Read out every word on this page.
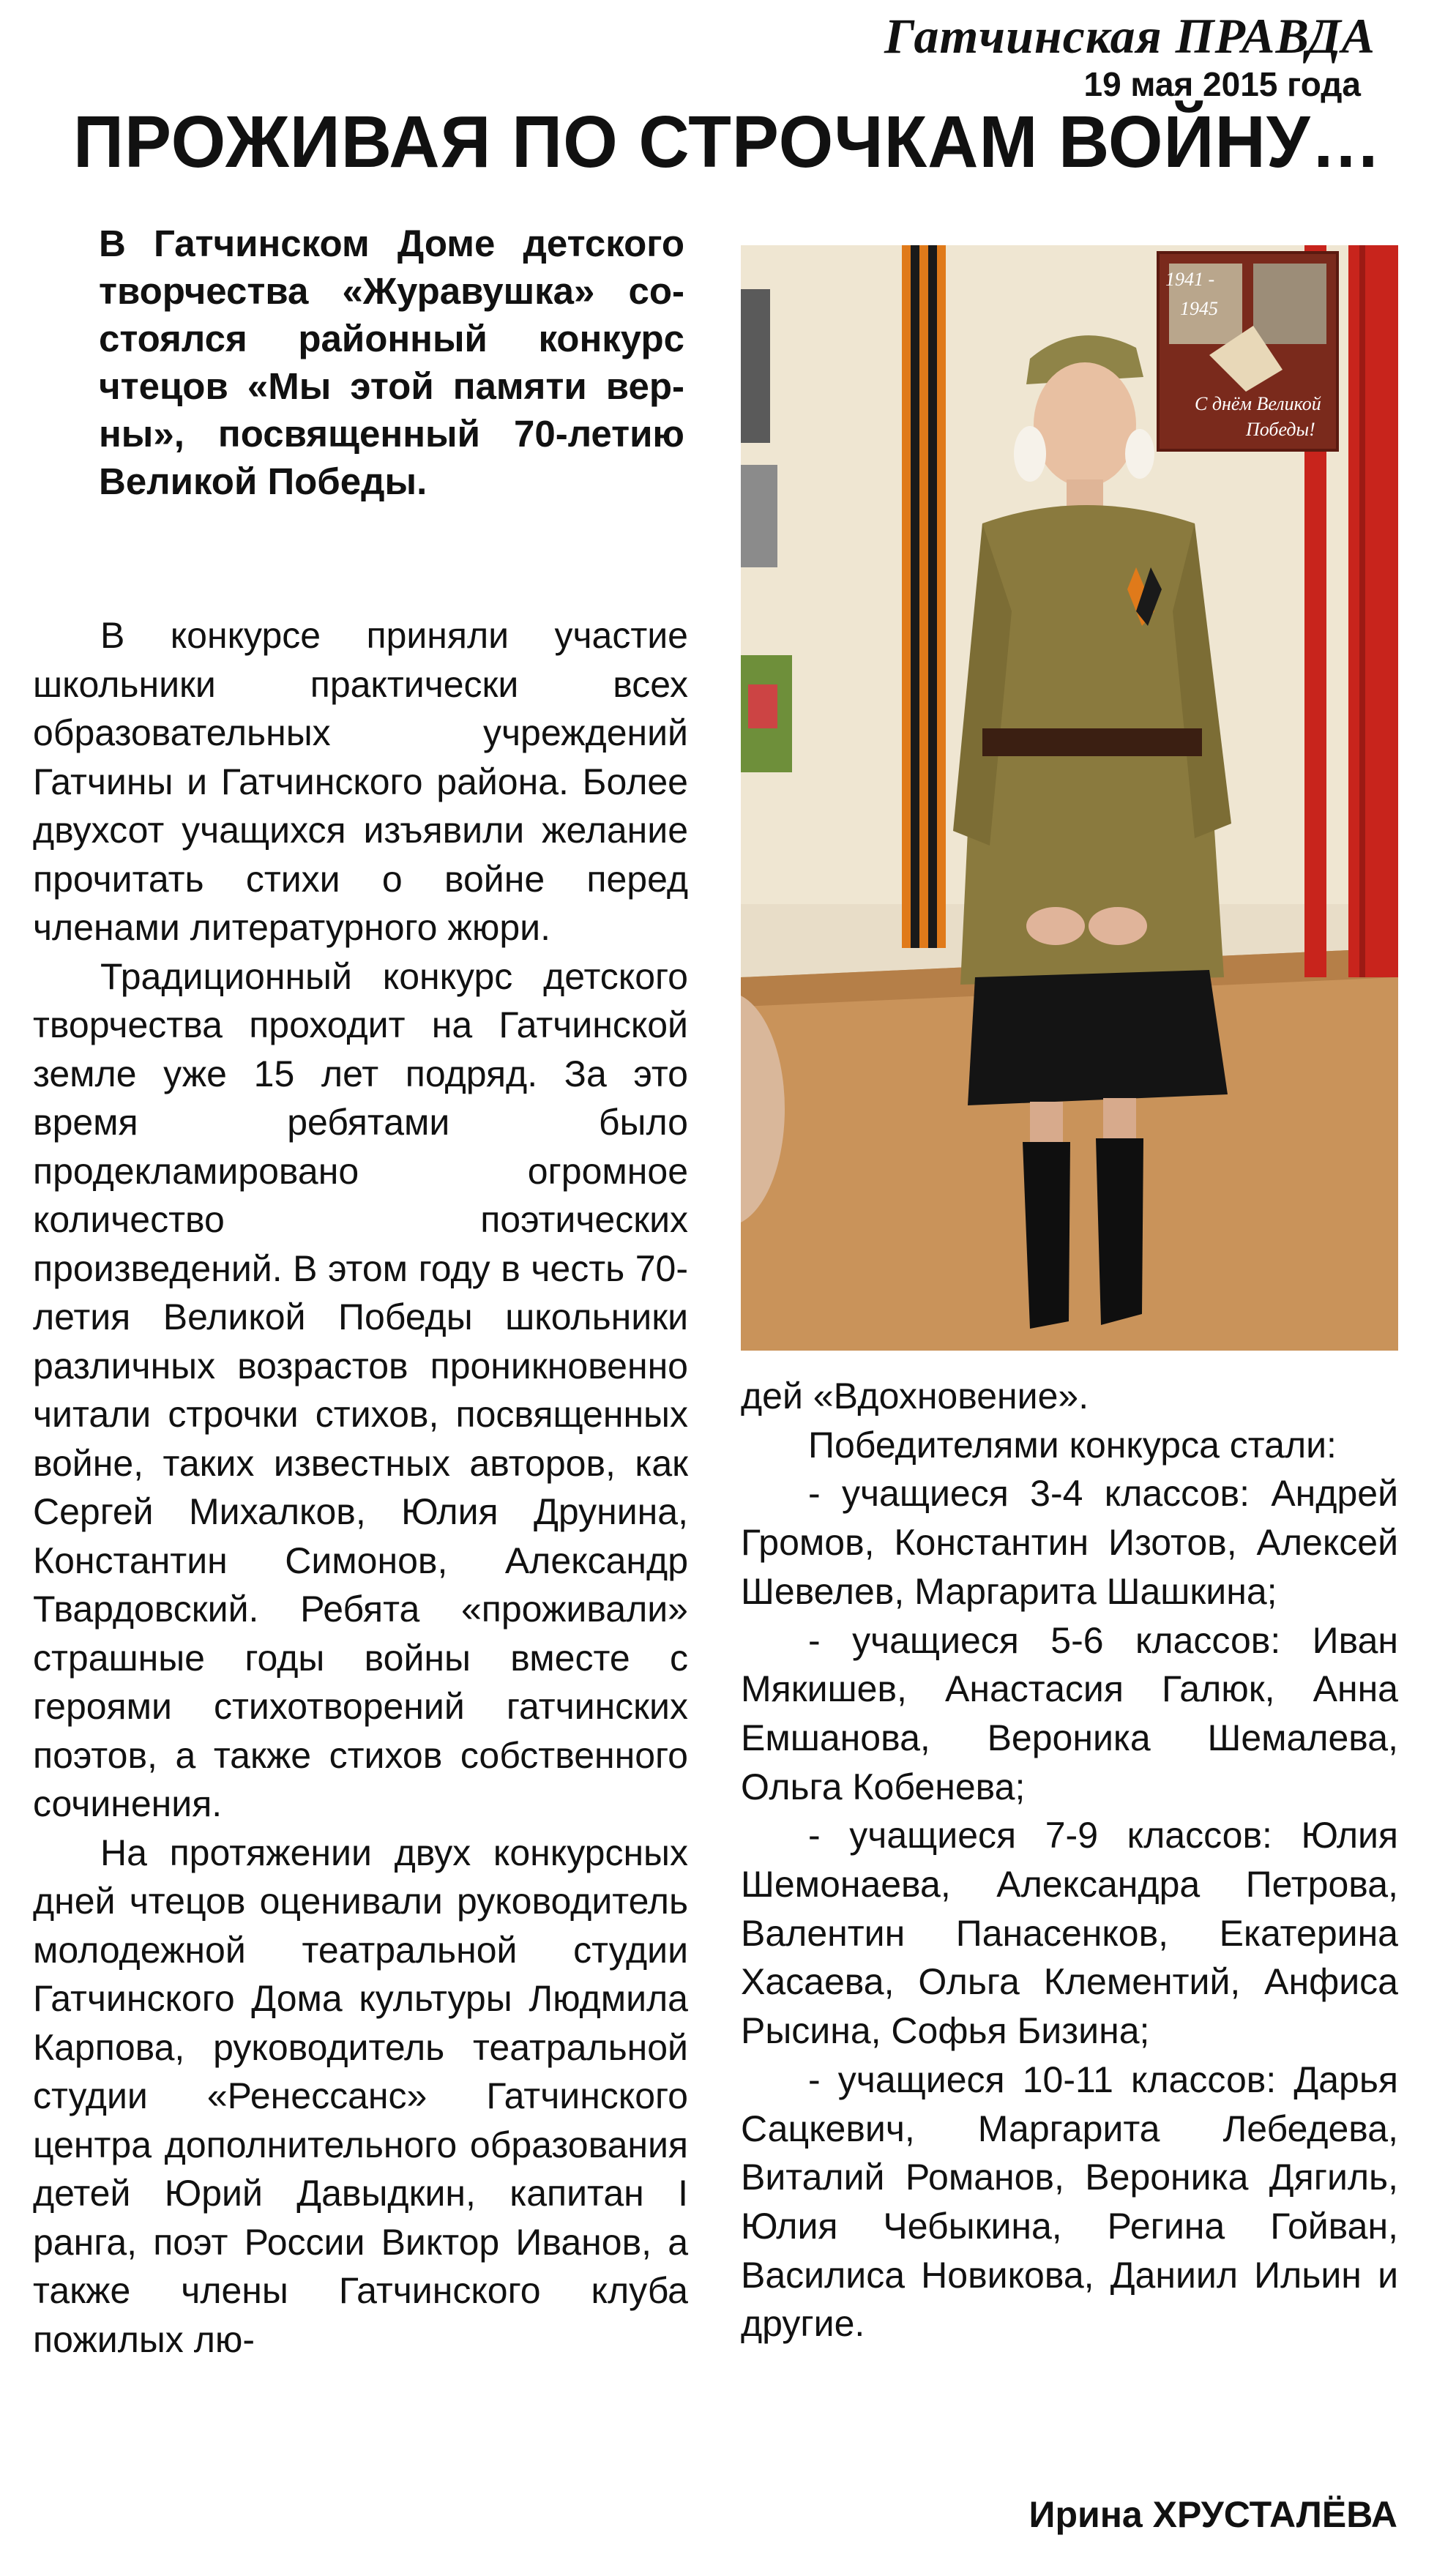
Гатчинская ПРАВДА
19 мая 2015 года
ПРОЖИВАЯ ПО СТРОЧКАМ ВОЙНУ…
В Гатчинском Доме детского творчества «Журавушка» состоялся районный конкурс чтецов «Мы этой памяти верны», посвященный 70-летию Великой Победы.

В конкурсе приняли участие школьники практически всех образовательных учреждений Гатчины и Гатчинского района. Более двухсот учащихся изъявили желание прочитать стихи о войне перед членами литературного жюри.

Традиционный конкурс детского творчества проходит на Гатчинской земле уже 15 лет подряд. За это время ребятами было продекламировано огромное количество поэтических произведений. В этом году в честь 70-летия Великой Победы школьники различных возрастов проникновенно читали строчки стихов, посвященных войне, таких известных авторов, как Сергей Михалков, Юлия Друнина, Константин Симонов, Александр Твардовский. Ребята «проживали» страшные годы войны вместе с героями стихотворений гатчинских поэтов, а также стихов собственного сочинения.

На протяжении двух конкурсных дней чтецов оценивали руководитель молодежной театральной студии Гатчинского Дома культуры Людмила Карпова, руководитель театральной студии «Ренессанс» Гатчинского центра дополнительного образования детей Юрий Давыдкин, капитан I ранга, поэт России Виктор Иванов, а также члены Гатчинского клуба пожилых лю-

1941 -
1945
С днём Великой
Победы!

дей «Вдохновение».

Победителями конкурса стали:

- учащиеся 3-4 классов: Андрей Громов, Константин Изотов, Алексей Шевелев, Маргарита Шашкина;

- учащиеся 5-6 классов: Иван Мякишев, Анастасия Галюк, Анна Емшанова, Вероника Шемалева, Ольга Кобенева;

- учащиеся 7-9 классов: Юлия Шемонаева, Александра Петрова, Валентин Панасенков, Екатерина Хасаева, Ольга Клементий, Анфиса Рысина, Софья Бизина;

- учащиеся 10-11 классов: Дарья Сацкевич, Маргарита Лебедева, Виталий Романов, Вероника Дягиль, Юлия Чебыкина, Регина Гойван, Василиса Новикова, Даниил Ильин и другие.

Ирина ХРУСТАЛЁВА
